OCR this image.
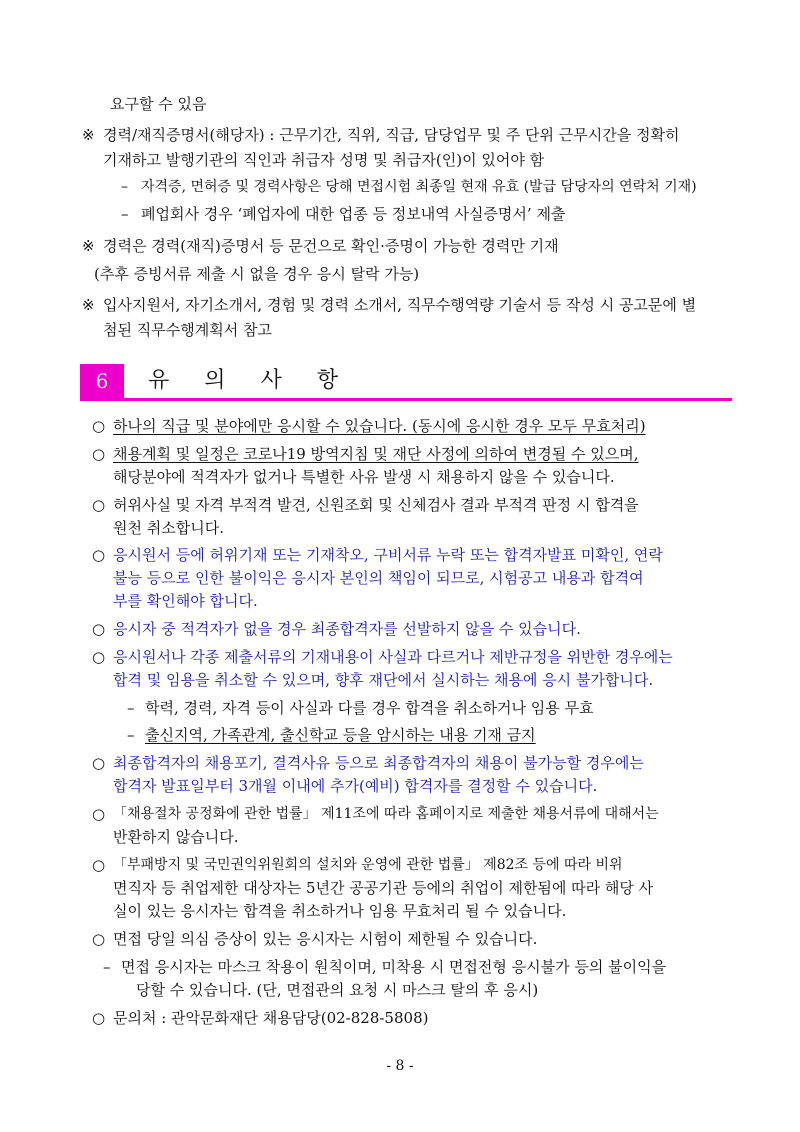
요구할 수 있음
※ 경력/재직증명서(해당자) : 근무기간, 직위, 직급, 담당업무 및 주 단위 근무시간을 정확히
기재하고 발행기관의 직인과 취급자 성명 및 취급자(인)이 있어야 함
– 자격증, 면허증 및 경력사항은 당해 면접시험 최종일 현재 유효 (발급 담당자의 연락처 기재)
– 폐업회사 경우 ‘폐업자에 대한 업종 등 정보내역 사실증명서’ 제출
※ 경력은 경력(재직)증명서 등 문건으로 확인·증명이 가능한 경력만 기재
(추후 증빙서류 제출 시 없을 경우 응시 탈락 가능)
※ 입사지원서, 자기소개서, 경험 및 경력 소개서, 직무수행역량 기술서 등 작성 시 공고문에 별
첨된 직무수행계획서 참고
6	유 의 사 항
○ 하나의 직급 및 분야에만 응시할 수 있습니다. (동시에 응시한 경우 모두 무효처리)
○ 채용계획 및 일정은 코로나19 방역지침 및 재단 사정에 의하여 변경될 수 있으며,
해당분야에 적격자가 없거나 특별한 사유 발생 시 채용하지 않을 수 있습니다.
○ 허위사실 및 자격 부적격 발견, 신원조회 및 신체검사 결과 부적격 판정 시 합격을
원천 취소합니다.
○ 응시원서 등에 허위기재 또는 기재착오, 구비서류 누락 또는 합격자발표 미확인, 연락
불능 등으로 인한 불이익은 응시자 본인의 책임이 되므로, 시험공고 내용과 합격여
부를 확인해야 합니다.
○ 응시자 중 적격자가 없을 경우 최종합격자를 선발하지 않을 수 있습니다.
○ 응시원서나 각종 제출서류의 기재내용이 사실과 다르거나 제반규정을 위반한 경우에는
합격 및 임용을 취소할 수 있으며, 향후 재단에서 실시하는 채용에 응시 불가합니다.
– 학력, 경력, 자격 등이 사실과 다를 경우 합격을 취소하거나 임용 무효
– 출신지역, 가족관계, 출신학교 등을 암시하는 내용 기재 금지
○ 최종합격자의 채용포기, 결격사유 등으로 최종합격자의 채용이 불가능할 경우에는
합격자 발표일부터 3개월 이내에 추가(예비) 합격자를 결정할 수 있습니다.
○ 「채용절차 공정화에 관한 법률」 제11조에 따라 홈페이지로 제출한 채용서류에 대해서는
반환하지 않습니다.
○ 「부패방지 및 국민권익위원회의 설치와 운영에 관한 법률」 제82조 등에 따라 비위
면직자 등 취업제한 대상자는 5년간 공공기관 등에의 취업이 제한됨에 따라 해당 사
실이 있는 응시자는 합격을 취소하거나 임용 무효처리 될 수 있습니다.
○ 면접 당일 의심 증상이 있는 응시자는 시험이 제한될 수 있습니다.
– 면접 응시자는 마스크 착용이 원칙이며, 미착용 시 면접전형 응시불가 등의 불이익을
당할 수 있습니다. (단, 면접관의 요청 시 마스크 탈의 후 응시)
○ 문의처 : 관악문화재단 채용담당(02-828-5808)
- 8 -
